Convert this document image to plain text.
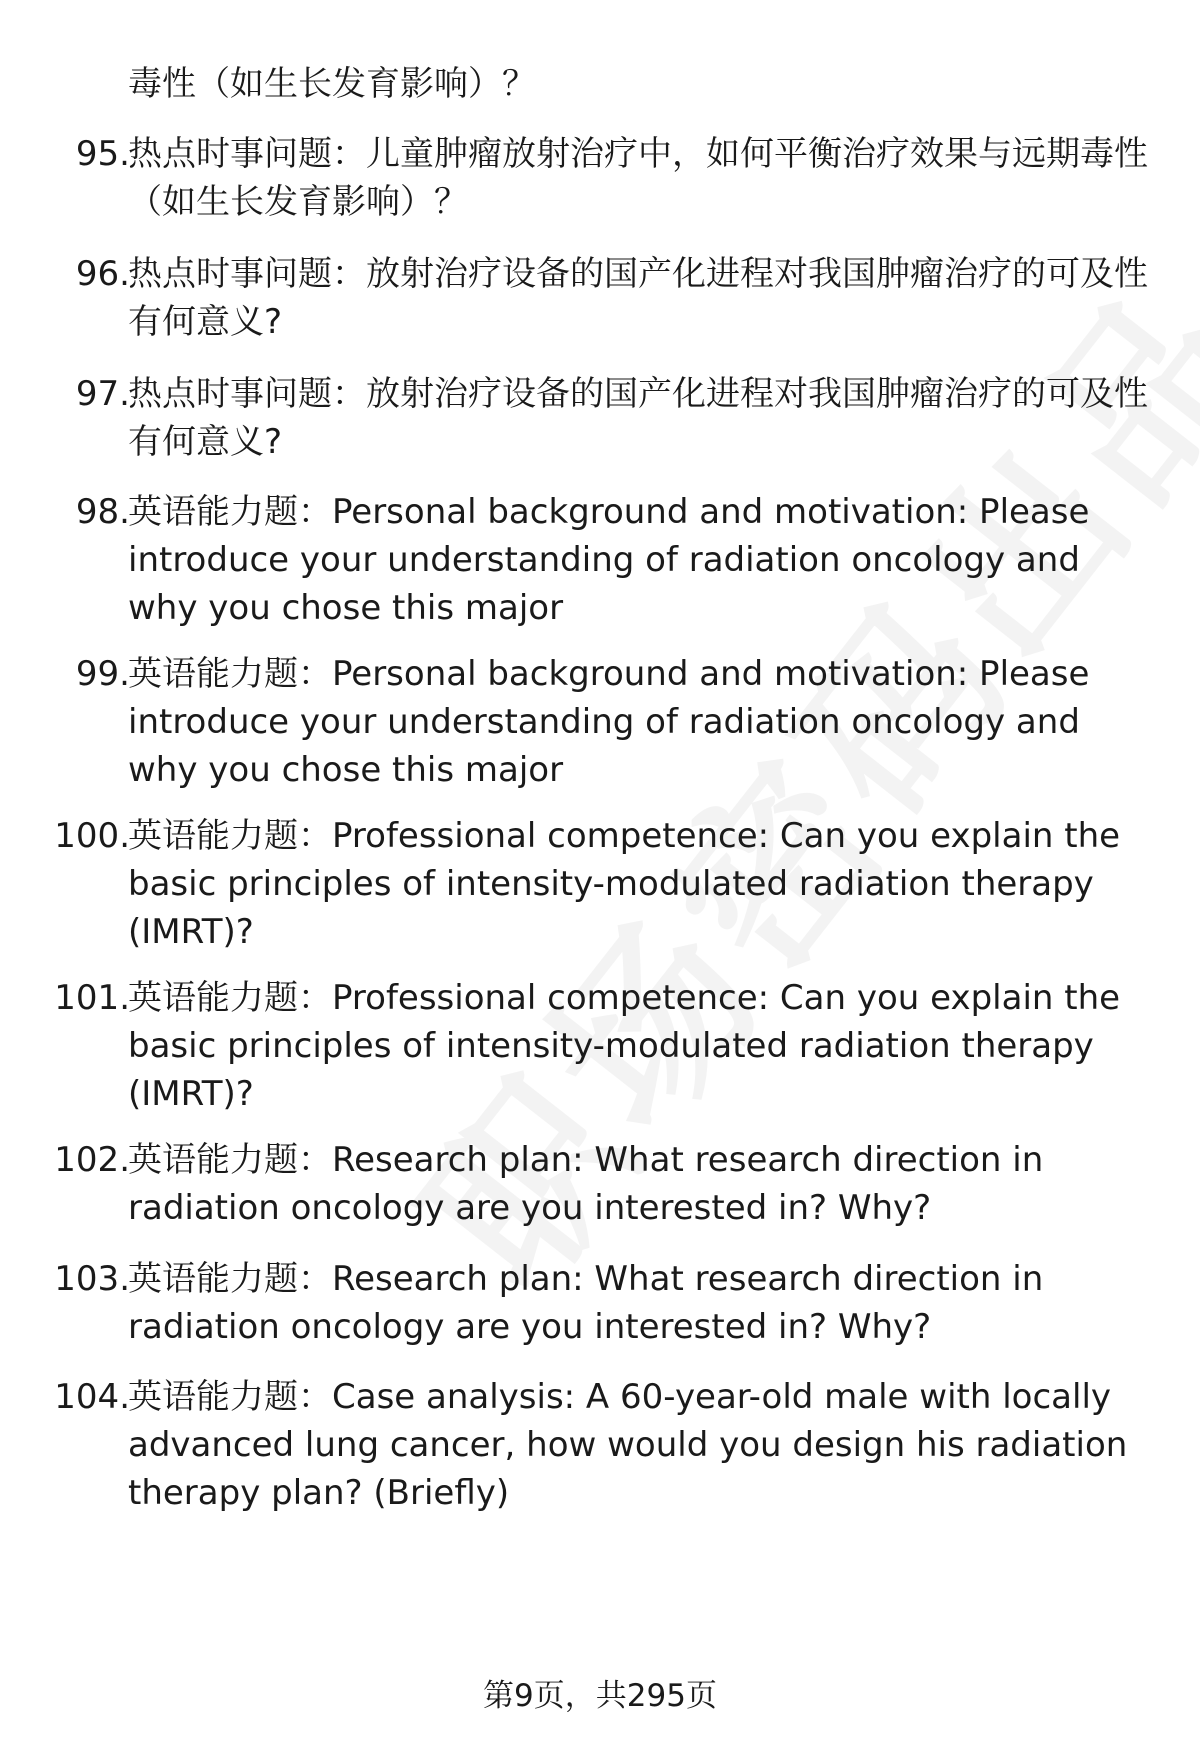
毒性（如生长发育影响）？
95.
热点时事问题：儿童肿瘤放射治疗中，如何平衡治疗效果与远期毒性（如生长发育影响）？
96.
热点时事问题：放射治疗设备的国产化进程对我国肿瘤治疗的可及性有何意义?
97.
热点时事问题：放射治疗设备的国产化进程对我国肿瘤治疗的可及性有何意义?
98.
英语能力题：Personal background and motivation: Please introduce your understanding of radiation oncology and why you chose this major
99.
英语能力题：Personal background and motivation: Please introduce your understanding of radiation oncology and why you chose this major
100.
英语能力题：Professional competence: Can you explain the basic principles of intensity-modulated radiation therapy (IMRT)?
101.
英语能力题：Professional competence: Can you explain the basic principles of intensity-modulated radiation therapy (IMRT)?
102.
英语能力题：Research plan: What research direction in radiation oncology are you interested in? Why?
103.
英语能力题：Research plan: What research direction in radiation oncology are you interested in? Why?
104.
英语能力题：Case analysis: A 60-year-old male with locally advanced lung cancer, how would you design his radiation therapy plan? (Briefly)
第9页，共295页
